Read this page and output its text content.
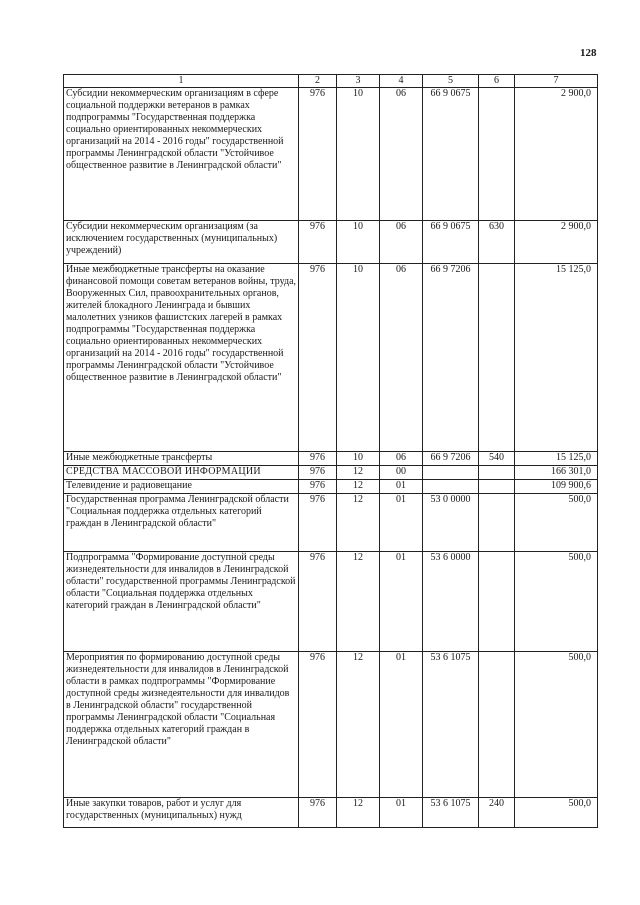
128
1	2	3	4	5	6	7
Субсидии некоммерческим организациям в сфере социальной поддержки ветеранов в рамках подпрограммы "Государственная поддержка социально ориентированных некоммерческих организаций на 2014 - 2016 годы" государственной программы Ленинградской области "Устойчивое общественное развитие в Ленинградской области"	976	10	06	66 9 0675		2 900,0
Субсидии некоммерческим организациям (за исключением государственных (муниципальных) учреждений)	976	10	06	66 9 0675	630	2 900,0
Иные межбюджетные трансферты на оказание финансовой помощи советам ветеранов войны, труда, Вооруженных Сил, правоохранительных органов, жителей блокадного Ленинграда и бывших малолетних узников фашистских лагерей в рамках подпрограммы "Государственная поддержка социально ориентированных некоммерческих организаций на 2014 - 2016 годы" государственной программы Ленинградской области "Устойчивое общественное развитие в Ленинградской области"	976	10	06	66 9 7206		15 125,0
Иные межбюджетные трансферты	976	10	06	66 9 7206	540	15 125,0
СРЕДСТВА МАССОВОЙ ИНФОРМАЦИИ	976	12	00			166 301,0
Телевидение и радиовещание	976	12	01			109 900,6
Государственная программа Ленинградской области "Социальная поддержка отдельных категорий граждан в Ленинградской области"	976	12	01	53 0 0000		500,0
Подпрограмма "Формирование доступной среды жизнедеятельности для инвалидов в Ленинградской области" государственной программы Ленинградской области "Социальная поддержка отдельных категорий граждан в Ленинградской области"	976	12	01	53 6 0000		500,0
Мероприятия по формированию доступной среды жизнедеятельности для инвалидов в Ленинградской области в рамках подпрограммы "Формирование доступной среды жизнедеятельности для инвалидов в Ленинградской области" государственной программы Ленинградской области "Социальная поддержка отдельных категорий граждан в Ленинградской области"	976	12	01	53 6 1075		500,0
Иные закупки товаров, работ и услуг для государственных (муниципальных) нужд	976	12	01	53 6 1075	240	500,0
